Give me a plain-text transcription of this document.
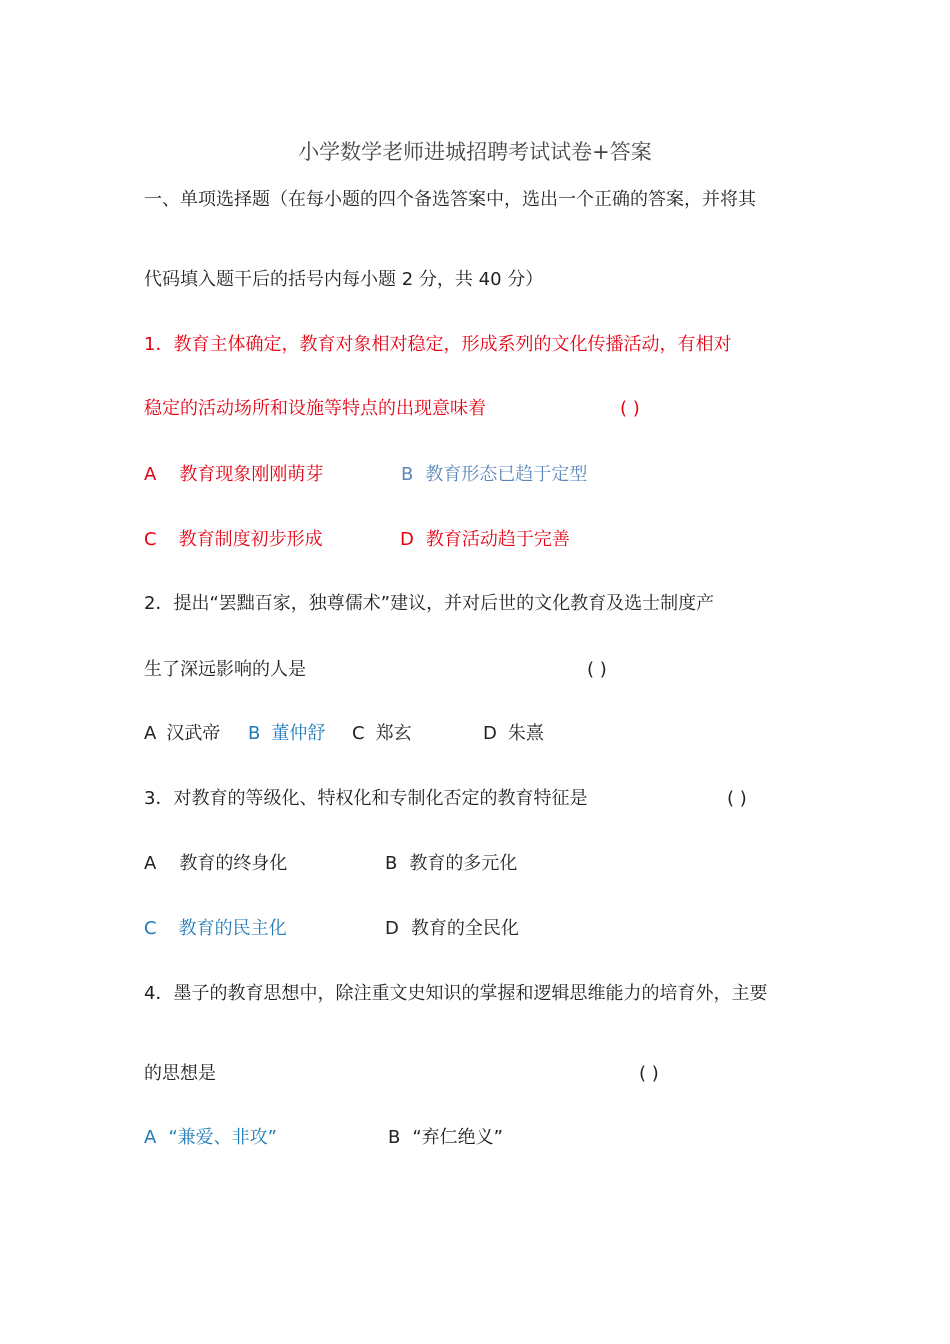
小学数学老师进城招聘考试试卷+答案
一、单项选择题（在每小题的四个备选答案中，选出一个正确的答案，并将其
代码填入题干后的括号内每小题 2 分，共 40 分）
1．教育主体确定，教育对象相对稳定，形成系列的文化传播活动，有相对
稳定的活动场所和设施等特点的出现意味着	( )
A 教育现象刚刚萌芽	B 教育形态已趋于定型
C 教育制度初步形成	D 教育活动趋于完善
2．提出“罢黜百家，独尊儒术”建议，并对后世的文化教育及选士制度产
生了深远影响的人是	( )
A 汉武帝 B 董仲舒 C 郑玄	D 朱熹
3．对教育的等级化、特权化和专制化否定的教育特征是	( )
A 教育的终身化	B 教育的多元化
C 教育的民主化	D 教育的全民化
4．墨子的教育思想中，除注重文史知识的掌握和逻辑思维能力的培育外，主要
的思想是	( )
A “兼爱、非攻”	B “弃仁绝义”
